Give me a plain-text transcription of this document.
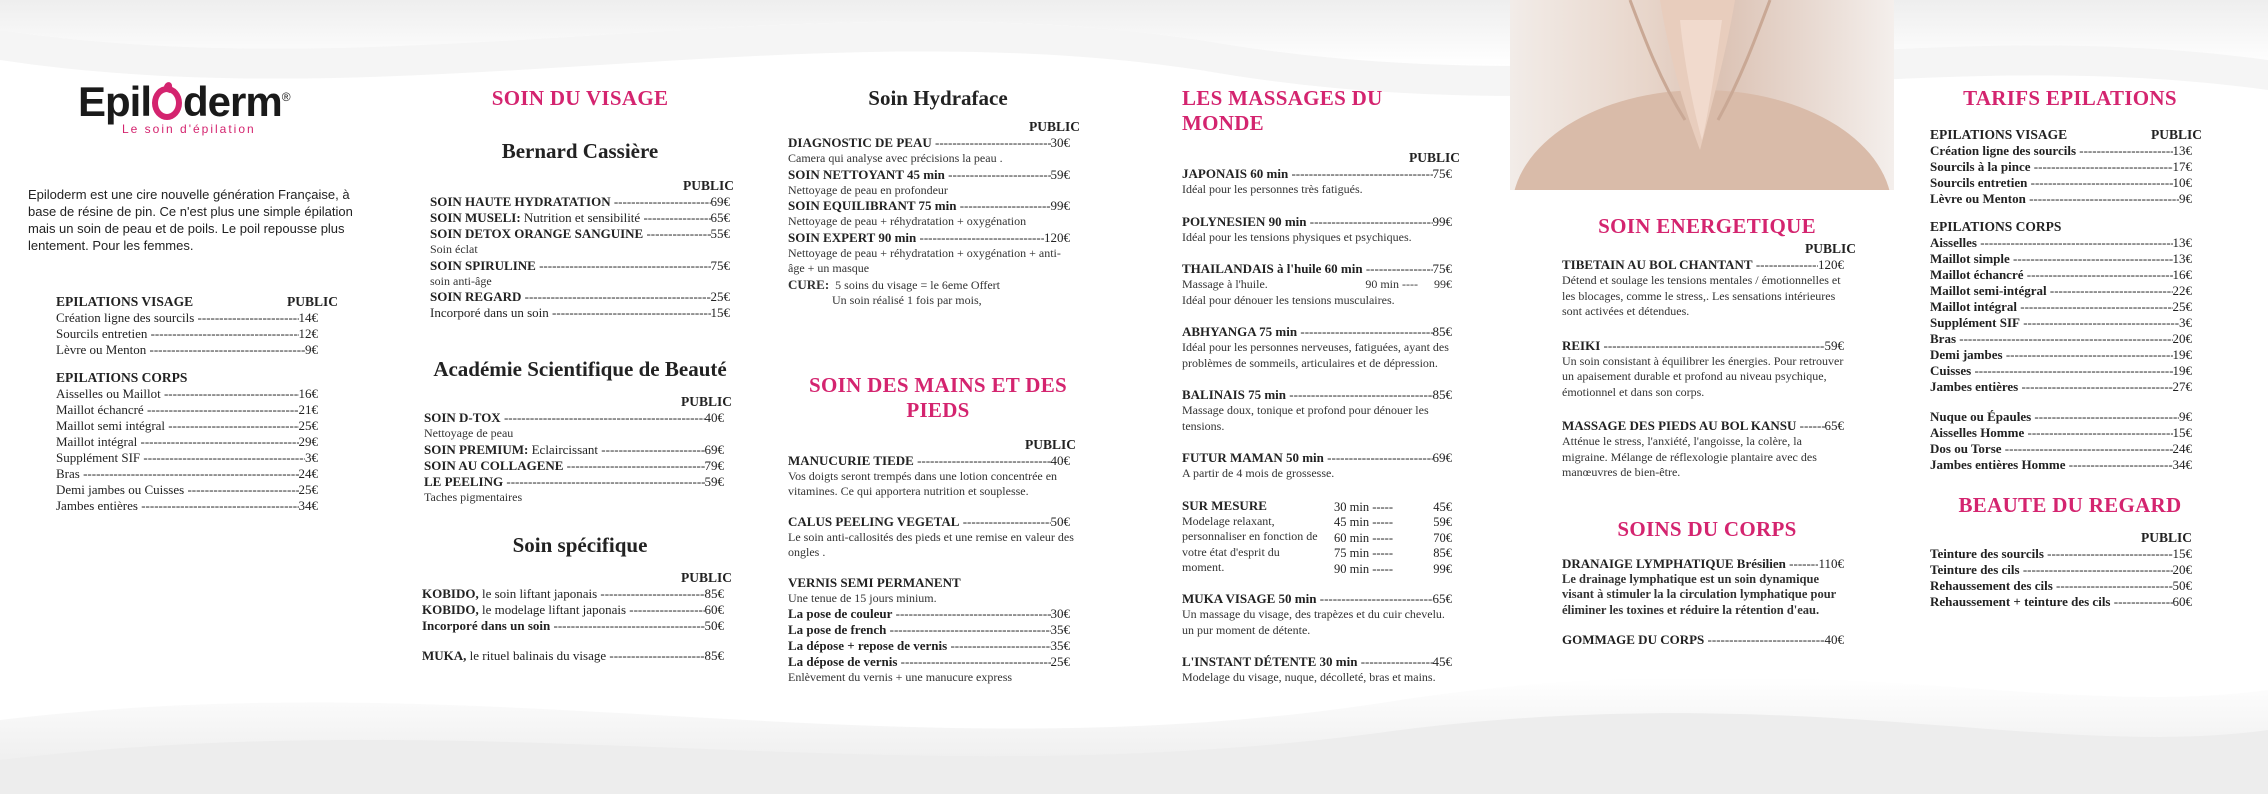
Epil derm®
Le soin d'épilation
Epiloderm est une cire nouvelle génération Française, à base de résine de pin. Ce n'est plus une simple épilation mais un soin de peau et de poils. Le poil repousse plus lentement. Pour les femmes.
EPILATIONS VISAGE	PUBLIC
Création ligne des sourcils -----	14€
Sourcils entretien -----	12€
Lèvre ou Menton -----	9€
EPILATIONS CORPS
Aisselles ou Maillot -----	16€
Maillot échancré -----	21€
Maillot semi intégral -----	25€
Maillot intégral -----	29€
Supplément SIF -----	3€
Bras -----	24€
Demi jambes ou Cuisses -----	25€
Jambes entières -----	34€
SOIN DU VISAGE
Bernard Cassière
PUBLIC
SOIN HAUTE HYDRATATION -----	69€
SOIN MUSELI: Nutrition et sensibilité -----	65€
SOIN DETOX ORANGE SANGUINE -----	55€
Soin éclat
SOIN SPIRULINE -----	75€
soin anti-âge
SOIN REGARD -----	25€
Incorporé dans un soin -----	15€
Académie Scientifique de Beauté
PUBLIC
SOIN D-TOX -----	40€
Nettoyage de peau
SOIN PREMIUM: Eclaircissant -----	69€
SOIN AU COLLAGENE -----	79€
LE PEELING -----	59€
Taches pigmentaires
Soin spécifique
PUBLIC
KOBIDO, le soin liftant japonais -----	85€
KOBIDO, le modelage liftant japonais -----	60€
Incorporé dans un soin -----	50€
MUKA, le rituel balinais du visage -----	85€
Soin Hydraface
PUBLIC
DIAGNOSTIC DE PEAU -----	30€
Camera qui analyse avec précisions la peau .
SOIN NETTOYANT 45 min -----	59€
Nettoyage de peau en profondeur
SOIN EQUILIBRANT 75 min -----	99€
Nettoyage de peau + réhydratation + oxygénation
SOIN EXPERT 90 min -----	120€
Nettoyage de peau + réhydratation + oxygénation + anti-âge + un masque
CURE: 5 soins du visage = le 6eme Offert
Un soin réalisé 1 fois par mois,
SOIN DES MAINS ET DES PIEDS
PUBLIC
MANUCURIE TIEDE -----	40€
Vos doigts seront trempés dans une lotion concentrée en vitamines. Ce qui apportera nutrition et souplesse.
CALUS PEELING VEGETAL -----	50€
Le soin anti-callosités des pieds et une remise en valeur des ongles .
VERNIS SEMI PERMANENT
Une tenue de 15 jours minium.
La pose de couleur -----	30€
La pose de french -----	35€
La dépose + repose de vernis -----	35€
La dépose de vernis -----	25€
Enlèvement du vernis + une manucure express
LES MASSAGES DU MONDE
PUBLIC
JAPONAIS 60 min -----	75€
Idéal pour les personnes très fatigués.
POLYNESIEN 90 min -----	99€
Idéal pour les tensions physiques et psychiques.
THAILANDAIS à l'huile 60 min -----	75€
Massage à l'huile.	90 min ---- 99€
Idéal pour dénouer les tensions musculaires.
ABHYANGA 75 min -----	85€
Idéal pour les personnes nerveuses, fatiguées, ayant des problèmes de sommeils, articulaires et de dépression.
BALINAIS 75 min -----	85€
Massage doux, tonique et profond pour dénouer les tensions.
FUTUR MAMAN 50 min -----	69€
A partir de 4 mois de grossesse.
SUR MESURE
Modelage relaxant, personnaliser en fonction de votre état d'esprit du moment.
30 min -----	45€
45 min -----	59€
60 min -----	70€
75 min -----	85€
90 min -----	99€
MUKA VISAGE 50 min -----	65€
Un massage du visage, des trapèzes et du cuir chevelu. un pur moment de détente.
L'INSTANT DÉTENTE 30 min -----	45€
Modelage du visage, nuque, décolleté, bras et mains.
SOIN ENERGETIQUE
PUBLIC
TIBETAIN AU BOL CHANTANT -----	120€
Détend et soulage les tensions mentales / émotionnelles et les blocages, comme le stress,. Les sensations intérieures sont activées et détendues.
REIKI -----	59€
Un soin consistant à équilibrer les énergies. Pour retrouver un apaisement durable et profond au niveau psychique, émotionnel et dans son corps.
MASSAGE DES PIEDS AU BOL KANSU -----	65€
Atténue le stress, l'anxiété, l'angoisse, la colère, la migraine. Mélange de réflexologie plantaire avec des manœuvres de bien-être.
SOINS DU CORPS
DRANAIGE LYMPHATIQUE Brésilien -----	110€
Le drainage lymphatique est un soin dynamique visant à stimuler la la circulation lymphatique pour éliminer les toxines et réduire la rétention d'eau.
GOMMAGE DU CORPS -----	40€
TARIFS EPILATIONS
EPILATIONS VISAGE	PUBLIC
Création ligne des sourcils -----	13€
Sourcils à la pince -----	17€
Sourcils entretien -----	10€
Lèvre ou Menton -----	9€
EPILATIONS CORPS
Aisselles -----	13€
Maillot simple -----	13€
Maillot échancré -----	16€
Maillot semi-intégral -----	22€
Maillot intégral -----	25€
Supplément SIF -----	3€
Bras -----	20€
Demi jambes -----	19€
Cuisses -----	19€
Jambes entières -----	27€
Nuque ou Épaules -----	9€
Aisselles Homme -----	15€
Dos ou Torse -----	24€
Jambes entières Homme -----	34€
BEAUTE DU REGARD
PUBLIC
Teinture des sourcils -----	15€
Teinture des cils -----	20€
Rehaussement des cils -----	50€
Rehaussement + teinture des cils -----	60€
